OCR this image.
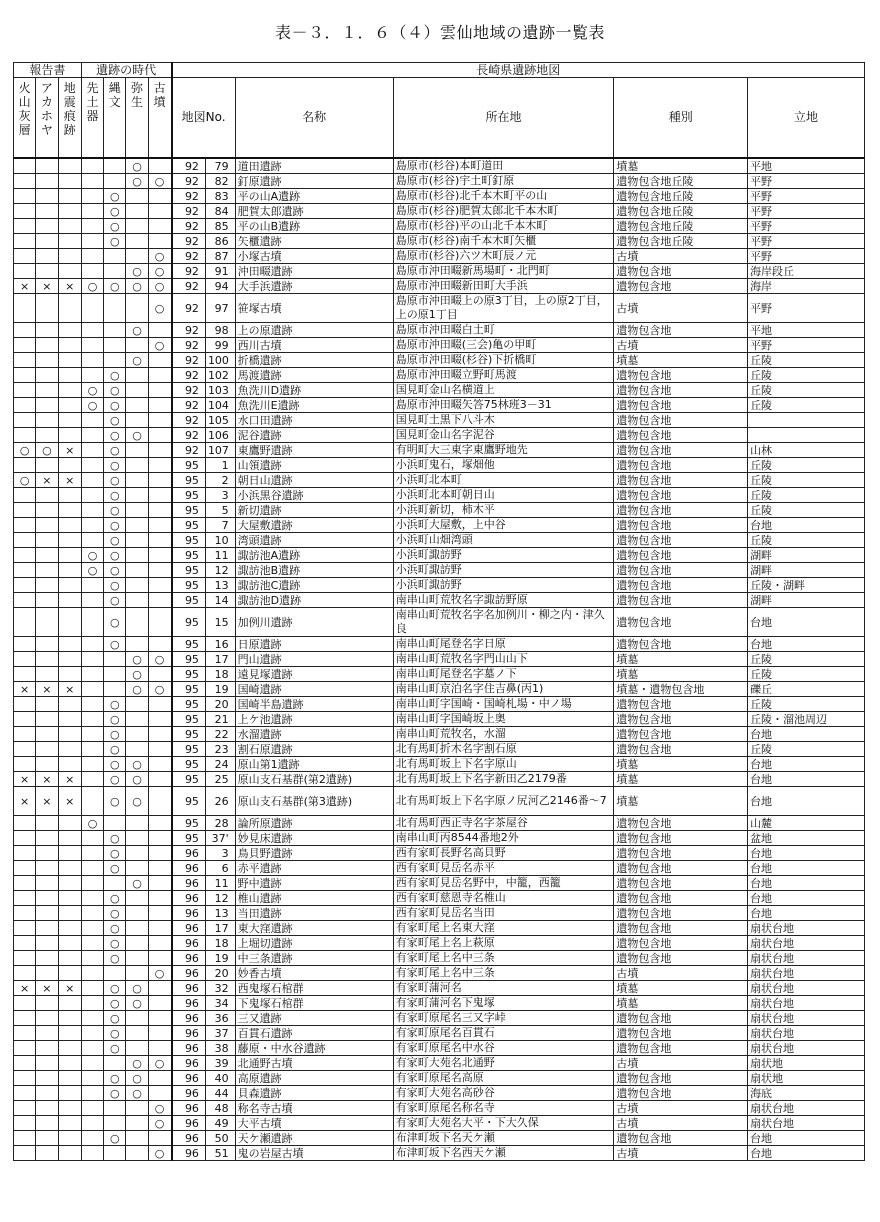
表－３．１．６（４）雲仙地域の遺跡一覧表
報告書			遺跡の時代				長崎県遺跡地図					
火山灰層	アカホヤ	地震痕跡	先土器	縄文	弥生	古墳	地図No.		名称	所在地	種別	立地
					○		92	79	道田遺跡	島原市(杉谷)本町道田	墳墓	平地
					○	○	92	82	釘原遺跡	島原市(杉谷)宇土町釘原	遺物包含地丘陵	平野
				○			92	83	平の山A遺跡	島原市(杉谷)北千本木町平の山	遺物包含地丘陵	平野
				○			92	84	肥賀太郎遺跡	島原市(杉谷)肥賀太郎北千本木町	遺物包含地丘陵	平野
				○			92	85	平の山B遺跡	島原市(杉谷)平の山北千本木町	遺物包含地丘陵	平野
				○			92	86	矢櫃遺跡	島原市(杉谷)南千本木町矢櫃	遺物包含地丘陵	平野
						○	92	87	小塚古墳	島原市(杉谷)六ツ木町辰ノ元	古墳	平野
					○	○	92	91	沖田畷遺跡	島原市沖田畷新馬場町・北門町	遺物包含地	海岸段丘
×	×	×	○	○	○	○	92	94	大手浜遺跡	島原市沖田畷新田町大手浜	遺物包含地	海岸
						○	92	97	笹塚古墳	島原市沖田畷上の原3丁目，上の原2丁目，上の原1丁目	古墳	平野
					○		92	98	上の原遺跡	島原市沖田畷白土町	遺物包含地	平地
						○	92	99	西川古墳	島原市沖田畷(三会)亀の甲町	古墳	平野
					○		92	100	折橋遺跡	島原市沖田畷(杉谷)下折橋町	墳墓	丘陵
				○			92	102	馬渡遺跡	島原市沖田畷立野町馬渡	遺物包含地	丘陵
			○	○			92	103	魚洗川D遺跡	国見町金山名横道上	遺物包含地	丘陵
			○	○			92	104	魚洗川E遺跡	島原市沖田畷矢答75林班3－31	遺物包含地	丘陵
				○			92	105	水口田遺跡	国見町土黒下八斗木	遺物包含地	
				○	○		92	106	泥谷遺跡	国見町金山名字泥谷	遺物包含地	
○	○	×		○			92	107	東鷹野遺跡	有明町大三東字東鷹野地先	遺物包含地	山林
				○			95	1	山領遺跡	小浜町鬼石，塚畑他	遺物包含地	丘陵
○	×	×		○			95	2	朝日山遺跡	小浜町北本町	遺物包含地	丘陵
				○			95	3	小浜黒谷遺跡	小浜町北本町朝日山	遺物包含地	丘陵
				○			95	5	新切遺跡	小浜町新切，柿木平	遺物包含地	丘陵
				○			95	7	大屋敷遺跡	小浜町大屋敷，上中谷	遺物包含地	台地
				○			95	10	湾頭遺跡	小浜町山畑湾頭	遺物包含地	丘陵
			○	○			95	11	諏訪池A遺跡	小浜町諏訪野	遺物包含地	湖畔
			○	○			95	12	諏訪池B遺跡	小浜町諏訪野	遺物包含地	湖畔
				○			95	13	諏訪池C遺跡	小浜町諏訪野	遺物包含地	丘陵・湖畔
				○			95	14	諏訪池D遺跡	南串山町荒牧名字諏訪野原	遺物包含地	湖畔
				○			95	15	加例川遺跡	南串山町荒牧名字名加例川・柳之内・津久良	遺物包含地	台地
				○			95	16	日原遺跡	南串山町尾登名字日原	遺物包含地	台地
					○	○	95	17	門山遺跡	南串山町荒牧名字門山山下	墳墓	丘陵
					○		95	18	遠見塚遺跡	南串山町尾登名字墓ノ下	墳墓	丘陵
×	×	×			○	○	95	19	国崎遺跡	南串山町京泊名字住吉鼻(丙1)	墳墓・遺物包含地	礫丘
				○			95	20	国崎半島遺跡	南串山町字国崎・国崎札場・中ノ場	遺物包含地	丘陵
				○			95	21	上ケ池遺跡	南串山町字国崎坂上奥	遺物包含地	丘陵・溜池周辺
				○			95	22	水溜遺跡	南串山町荒牧名，水溜	遺物包含地	台地
				○			95	23	割石原遺跡	北有馬町折木名字割石原	遺物包含地	丘陵
				○	○		95	24	原山第1遺跡	北有馬町坂上下名字原山	墳墓	台地
×	×	×		○	○		95	25	原山支石基群(第2遺跡)	北有馬町坂上下名字新田乙2179番	墳墓	台地
×	×	×		○	○		95	26	原山支石基群(第3遺跡)	北有馬町坂上下名字原ノ尻河乙2146番～7	墳墓	台地
			○				95	28	論所原遺跡	北有馬町西正寺名字茶屋谷	遺物包含地	山麓
				○			95	37'	妙見床遺跡	南串山町丙8544番地2外	遺物包含地	盆地
				○			96	3	鳥貝野遺跡	西有家町長野名高貝野	遺物包含地	台地
				○			96	6	赤平遺跡	西有家町見岳名赤平	遺物包含地	台地
					○		96	11	野中遺跡	西有家町見岳名野中，中籠，西籠	遺物包含地	台地
				○			96	12	椎山遺跡	西有家町慈恩寺名椎山	遺物包含地	台地
				○			96	13	当田遺跡	西有家町見岳名当田	遺物包含地	台地
				○			96	17	東大窪遺跡	有家町尾上名東大窪	遺物包含地	扇状台地
				○			96	18	上堀切遺跡	有家町尾上名上萩原	遺物包含地	扇状台地
				○			96	19	中三条遺跡	有家町尾上名中三条	遺物包含地	扇状台地
						○	96	20	妙香古墳	有家町尾上名中三条	古墳	扇状台地
×	×	×		○	○		96	32	西鬼塚石棺群	有家町蒲河名	墳墓	扇状台地
				○	○		96	34	下鬼塚石棺群	有家町蒲河名下鬼塚	墳墓	扇状台地
				○			96	36	三又遺跡	有家町原尾名三又字峠	遺物包含地	扇状台地
				○			96	37	百貫石遺跡	有家町原尾名百貫石	遺物包含地	扇状台地
				○			96	38	藤原・中水谷遺跡	有家町原尾名中水谷	遺物包含地	扇状台地
					○	○	96	39	北通野古墳	有家町大苑名北通野	古墳	扇状地
				○	○		96	40	高原遺跡	有家町原尾名高原	遺物包含地	扇状地
				○	○		96	44	貝森遺跡	有家町大苑名高砂谷	遺物包含地	海底
						○	96	48	称名寺古墳	有家町原尾名称名寺	古墳	扇状台地
						○	96	49	大平古墳	有家町大苑名大平・下大久保	古墳	扇状台地
				○			96	50	天ケ瀬遺跡	布津町坂下名天ケ瀬	遺物包含地	台地
						○	96	51	鬼の岩屋古墳	布津町坂下名西天ケ瀬	古墳	台地
